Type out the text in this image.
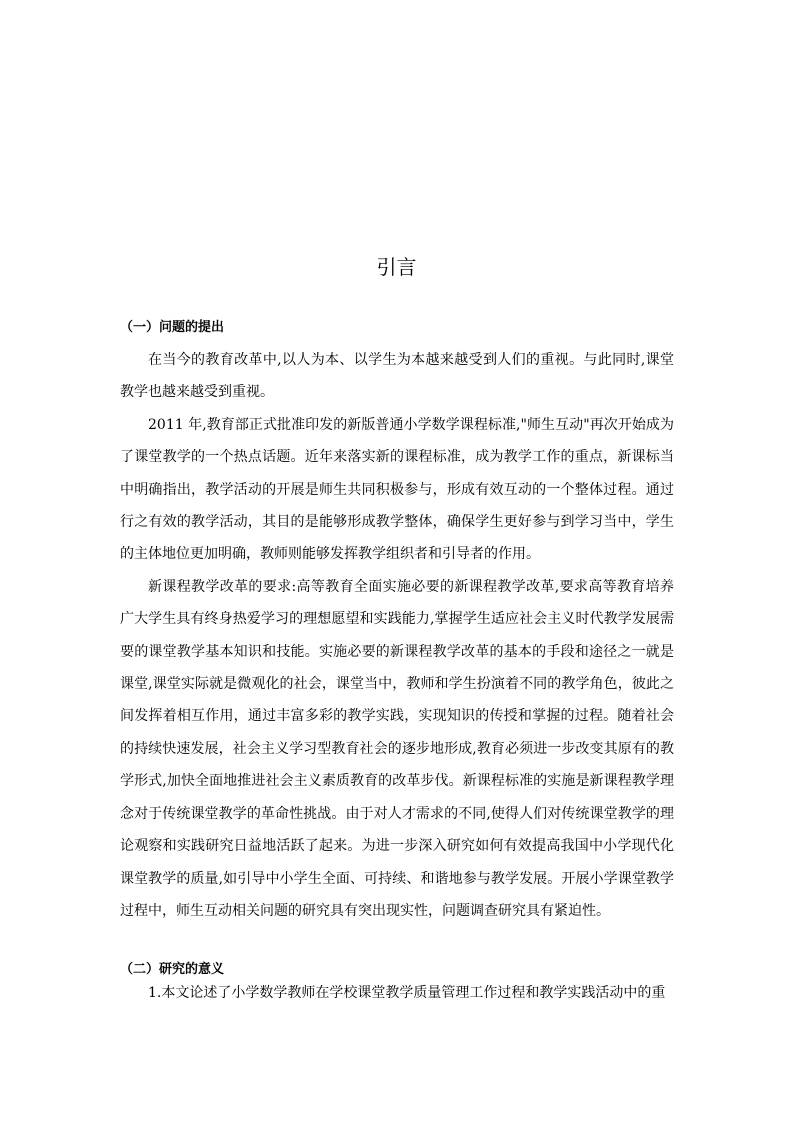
引言
（一）问题的提出

在当今的教育改革中,以人为本、以学生为本越来越受到人们的重视。与此同时,课堂教学也越来越受到重视。

2011 年,教育部正式批准印发的新版普通小学数学课程标准,"师生互动"再次开始成为了课堂教学的一个热点话题。近年来落实新的课程标准，成为教学工作的重点，新课标当中明确指出，教学活动的开展是师生共同积极参与，形成有效互动的一个整体过程。通过行之有效的教学活动，其目的是能够形成教学整体，确保学生更好参与到学习当中，学生的主体地位更加明确，教师则能够发挥教学组织者和引导者的作用。

新课程教学改革的要求:高等教育全面实施必要的新课程教学改革,要求高等教育培养广大学生具有终身热爱学习的理想愿望和实践能力,掌握学生适应社会主义时代教学发展需要的课堂教学基本知识和技能。实施必要的新课程教学改革的基本的手段和途径之一就是课堂,课堂实际就是微观化的社会，课堂当中，教师和学生扮演着不同的教学角色，彼此之间发挥着相互作用，通过丰富多彩的教学实践，实现知识的传授和掌握的过程。随着社会的持续快速发展，社会主义学习型教育社会的逐步地形成,教育必须进一步改变其原有的教学形式,加快全面地推进社会主义素质教育的改革步伐。新课程标准的实施是新课程教学理念对于传统课堂教学的革命性挑战。由于对人才需求的不同,使得人们对传统课堂教学的理论观察和实践研究日益地活跃了起来。为进一步深入研究如何有效提高我国中小学现代化课堂教学的质量,如引导中小学生全面、可持续、和谐地参与教学发展。开展小学课堂教学过程中，师生互动相关问题的研究具有突出现实性，问题调查研究具有紧迫性。

（二）研究的意义

1.本文论述了小学数学教师在学校课堂教学质量管理工作过程和教学实践活动中的重
